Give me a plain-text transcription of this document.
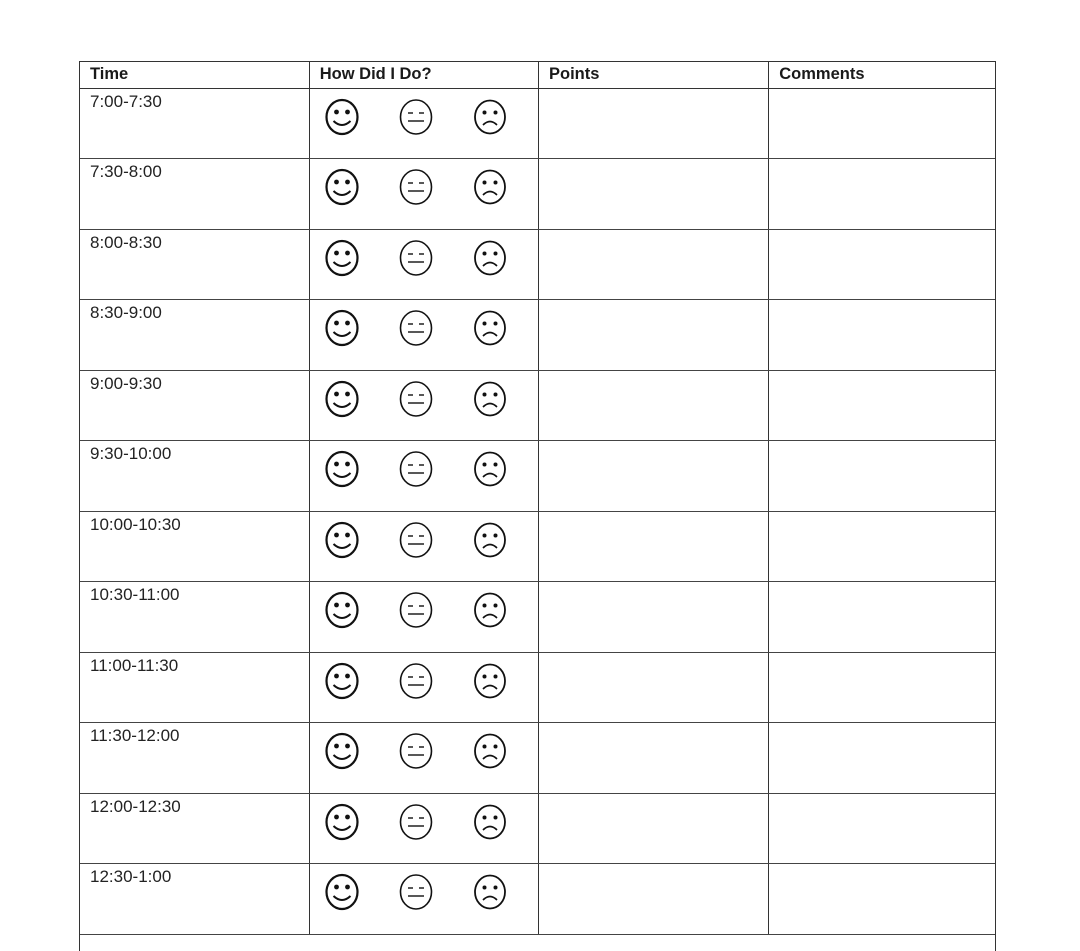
Time	How Did I Do?	Points	Comments

7:00-7:30

7:30-8:00

8:00-8:30

8:30-9:00

9:00-9:30

9:30-10:00

10:00-10:30

10:30-11:00

11:00-11:30

11:30-12:00

12:00-12:30

12:30-1:00
